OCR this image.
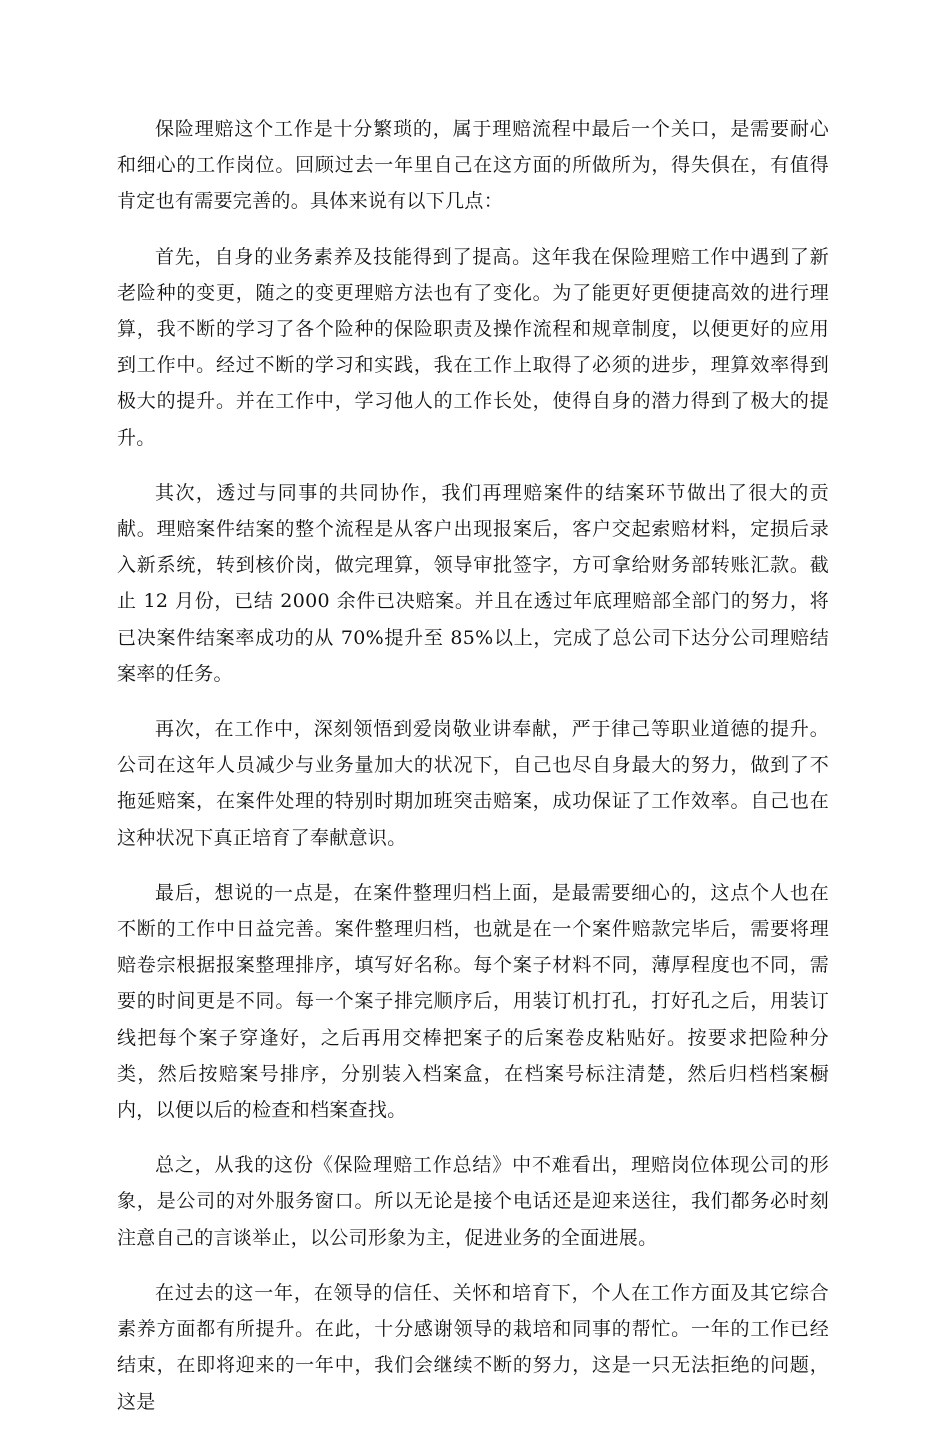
保险理赔这个工作是十分繁琐的，属于理赔流程中最后一个关口，是需要耐心和细心的工作岗位。回顾过去一年里自己在这方面的所做所为，得失俱在，有值得肯定也有需要完善的。具体来说有以下几点：

首先，自身的业务素养及技能得到了提高。这年我在保险理赔工作中遇到了新老险种的变更，随之的变更理赔方法也有了变化。为了能更好更便捷高效的进行理算，我不断的学习了各个险种的保险职责及操作流程和规章制度，以便更好的应用到工作中。经过不断的学习和实践，我在工作上取得了必须的进步，理算效率得到极大的提升。并在工作中，学习他人的工作长处，使得自身的潜力得到了极大的提升。

其次，透过与同事的共同协作，我们再理赔案件的结案环节做出了很大的贡献。理赔案件结案的整个流程是从客户出现报案后，客户交起索赔材料，定损后录入新系统，转到核价岗，做完理算，领导审批签字，方可拿给财务部转账汇款。截止 12 月份，已结 2000 余件已决赔案。并且在透过年底理赔部全部门的努力，将已决案件结案率成功的从 70%提升至 85%以上，完成了总公司下达分公司理赔结案率的任务。

再次，在工作中，深刻领悟到爱岗敬业讲奉献，严于律己等职业道德的提升。公司在这年人员减少与业务量加大的状况下，自己也尽自身最大的努力，做到了不拖延赔案，在案件处理的特别时期加班突击赔案，成功保证了工作效率。自己也在这种状况下真正培育了奉献意识。

最后，想说的一点是，在案件整理归档上面，是最需要细心的，这点个人也在不断的工作中日益完善。案件整理归档，也就是在一个案件赔款完毕后，需要将理赔卷宗根据报案整理排序，填写好名称。每个案子材料不同，薄厚程度也不同，需要的时间更是不同。每一个案子排完顺序后，用装订机打孔，打好孔之后，用装订线把每个案子穿逢好，之后再用交棒把案子的后案卷皮粘贴好。按要求把险种分类，然后按赔案号排序，分别装入档案盒，在档案号标注清楚，然后归档档案橱内，以便以后的检查和档案查找。

总之，从我的这份《保险理赔工作总结》中不难看出，理赔岗位体现公司的形象，是公司的对外服务窗口。所以无论是接个电话还是迎来送往，我们都务必时刻注意自己的言谈举止，以公司形象为主，促进业务的全面进展。

在过去的这一年，在领导的信任、关怀和培育下，个人在工作方面及其它综合素养方面都有所提升。在此，十分感谢领导的栽培和同事的帮忙。一年的工作已经结束，在即将迎来的一年中，我们会继续不断的努力，这是一只无法拒绝的问题，这是
